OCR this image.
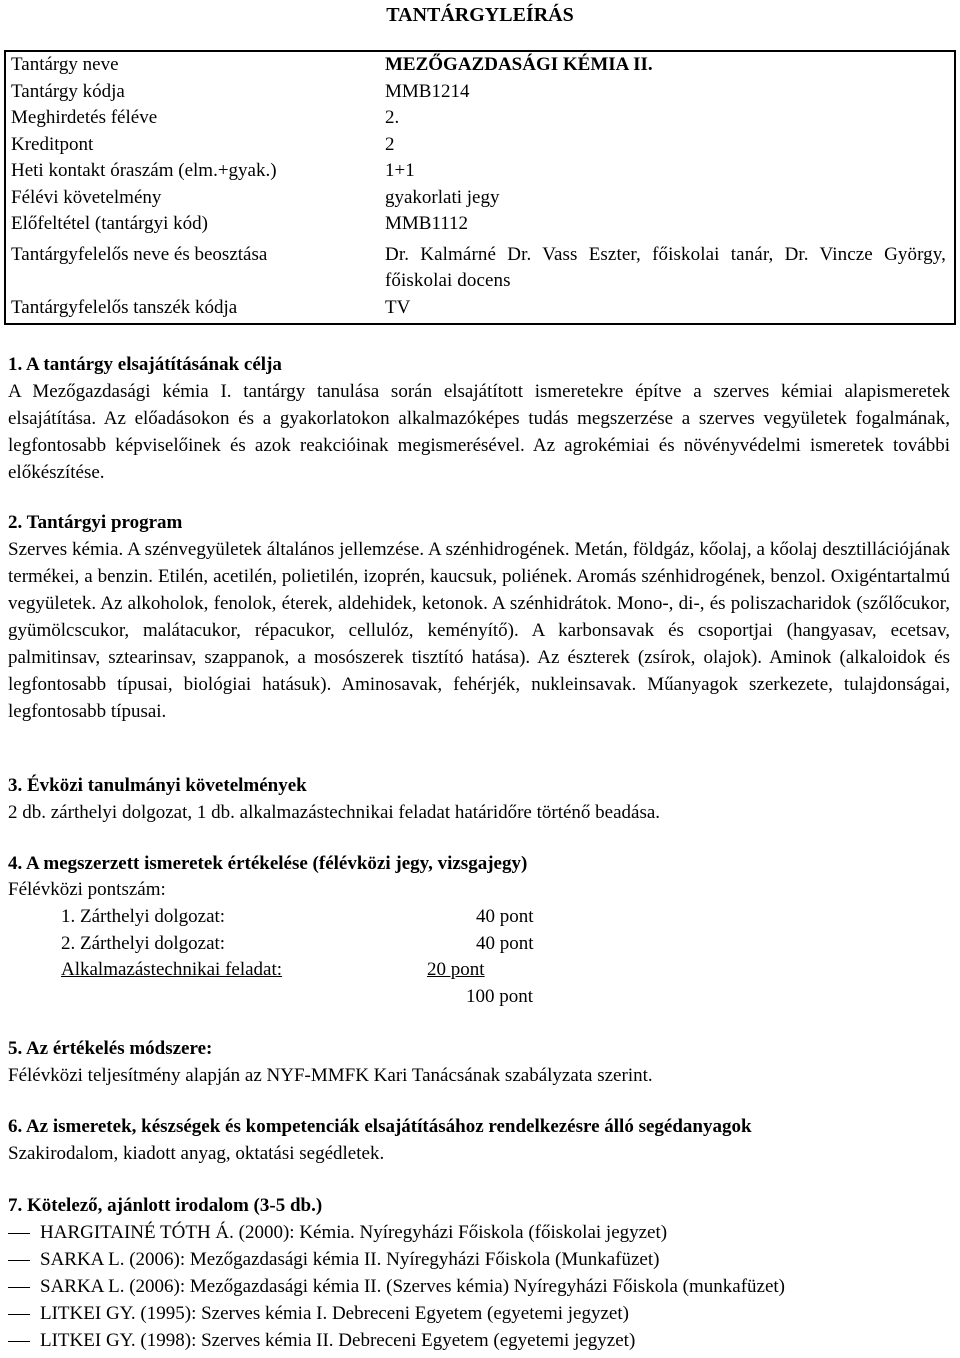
TANTÁRGYLEÍRÁS
Tantárgy neve	MEZŐGAZDASÁGI KÉMIA II.
Tantárgy kódja	MMB1214
Meghirdetés féléve	2.
Kreditpont	2
Heti kontakt óraszám (elm.+gyak.)	1+1
Félévi követelmény	gyakorlati jegy
Előfeltétel (tantárgyi kód)	MMB1112
Tantárgyfelelős neve és beosztása	Dr. Kalmárné Dr. Vass Eszter, főiskolai tanár, Dr. Vincze György, főiskolai docens
Tantárgyfelelős tanszék kódja	TV
1. A tantárgy elsajátításának célja

A Mezőgazdasági kémia I. tantárgy tanulása során elsajátított ismeretekre építve a szerves kémiai alapismeretek elsajátítása. Az előadásokon és a gyakorlatokon alkalmazóképes tudás megszerzése a szerves vegyületek fogalmának, legfontosabb képviselőinek és azok reakcióinak megismerésével. Az agrokémiai és növényvédelmi ismeretek további előkészítése.

2. Tantárgyi program

Szerves kémia. A szénvegyületek általános jellemzése. A szénhidrogének. Metán, földgáz, kőolaj, a kőolaj desztillációjának termékei, a benzin. Etilén, acetilén, polietilén, izoprén, kaucsuk, poliének. Aromás szénhidrogének, benzol. Oxigéntartalmú vegyületek. Az alkoholok, fenolok, éterek, aldehidek, ketonok. A szénhidrátok. Mono-, di-, és poliszacharidok (szőlőcukor, gyümölcscukor, malátacukor, répacukor, cellulóz, keményítő). A karbonsavak és csoportjai (hangyasav, ecetsav, palmitinsav, sztearinsav, szappanok, a mosószerek tisztító hatása). Az észterek (zsírok, olajok). Aminok (alkaloidok és legfontosabb típusai, biológiai hatásuk). Aminosavak, fehérjék, nukleinsavak. Műanyagok szerkezete, tulajdonságai, legfontosabb típusai.

3. Évközi tanulmányi követelmények
2 db. zárthelyi dolgozat, 1 db. alkalmazástechnikai feladat határidőre történő beadása.
4. A megszerzett ismeretek értékelése (félévközi jegy, vizsgajegy)
Félévközi pontszám:
1. Zárthelyi dolgozat:	40 pont
2. Zárthelyi dolgozat:	40 pont
Alkalmazástechnikai feladat:	20 pont
100 pont
5. Az értékelés módszere:
Félévközi teljesítmény alapján az NYF-MMFK Kari Tanácsának szabályzata szerint.
6. Az ismeretek, készségek és kompetenciák elsajátításához rendelkezésre álló segédanyagok
Szakirodalom, kiadott anyag, oktatási segédletek.
7. Kötelező, ajánlott irodalom (3-5 db.)
HARGITAINÉ TÓTH Á. (2000): Kémia. Nyíregyházi Főiskola (főiskolai jegyzet)
SARKA L. (2006): Mezőgazdasági kémia II. Nyíregyházi Főiskola (Munkafüzet)
SARKA L. (2006): Mezőgazdasági kémia II. (Szerves kémia) Nyíregyházi Főiskola (munkafüzet)
LITKEI GY. (1995): Szerves kémia I. Debreceni Egyetem (egyetemi jegyzet)
LITKEI GY. (1998): Szerves kémia II. Debreceni Egyetem (egyetemi jegyzet)
